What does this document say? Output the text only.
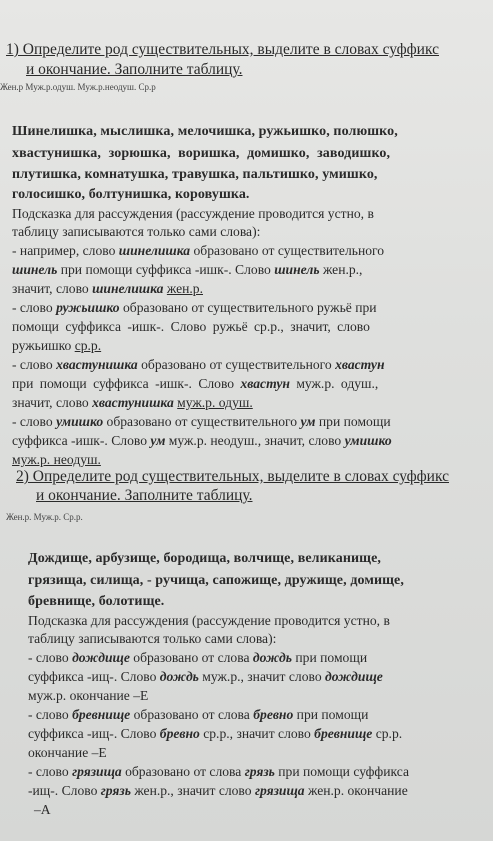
1) Определите род существительных, выделите в словах суффикс
и окончание. Заполните таблицу.
Жен.р Муж.р.одуш. Муж.р.неодуш. Ср.р
Шинелишка, мыслишка, мелочишка, ружьишко, полюшко,
хвастунишка, зорюшка, воришка, домишко, заводишко,
плутишка, комнатушка, травушка, пальтишко, умишко,
голосишко, болтунишка, коровушка.
Подсказка для рассуждения (рассуждение проводится устно, в
таблицу записываются только сами слова):
- например, слово шинелишка образовано от существительного
шинель при помощи суффикса -ишк-. Слово шинель жен.р.,
значит, слово шинелишка жен.р.
- слово ружьишко образовано от существительного ружьё при
помощи суффикса -ишк-. Слово ружьё ср.р., значит, слово
ружьишко ср.р.
- слово хвастунишка образовано от существительного хвастун
при помощи суффикса -ишк-. Слово хвастун муж.р. одуш.,
значит, слово хвастунишка муж.р. одуш.
- слово умишко образовано от существительного ум при помощи
суффикса -ишк-. Слово ум муж.р. неодуш., значит, слово умишко
муж.р. неодуш.
2) Определите род существительных, выделите в словах суффикс
и окончание. Заполните таблицу.
Жен.р. Муж.р. Ср.р.
Дождище, арбузище, бородища, волчище, великанище,
грязища, силища, - ручища, сапожище, дружище, домище,
бревнище, болотище.
Подсказка для рассуждения (рассуждение проводится устно, в
таблицу записываются только сами слова):
- слово дождище образовано от слова дождь при помощи
суффикса -ищ-. Слово дождь муж.р., значит слово дождище
муж.р. окончание –Е
- слово бревнище образовано от слова бревно при помощи
суффикса -ищ-. Слово бревно ср.р., значит слово бревнище ср.р.
окончание –Е
- слово грязища образовано от слова грязь при помощи суффикса
-ищ-. Слово грязь жен.р., значит слово грязища жен.р. окончание
–А
